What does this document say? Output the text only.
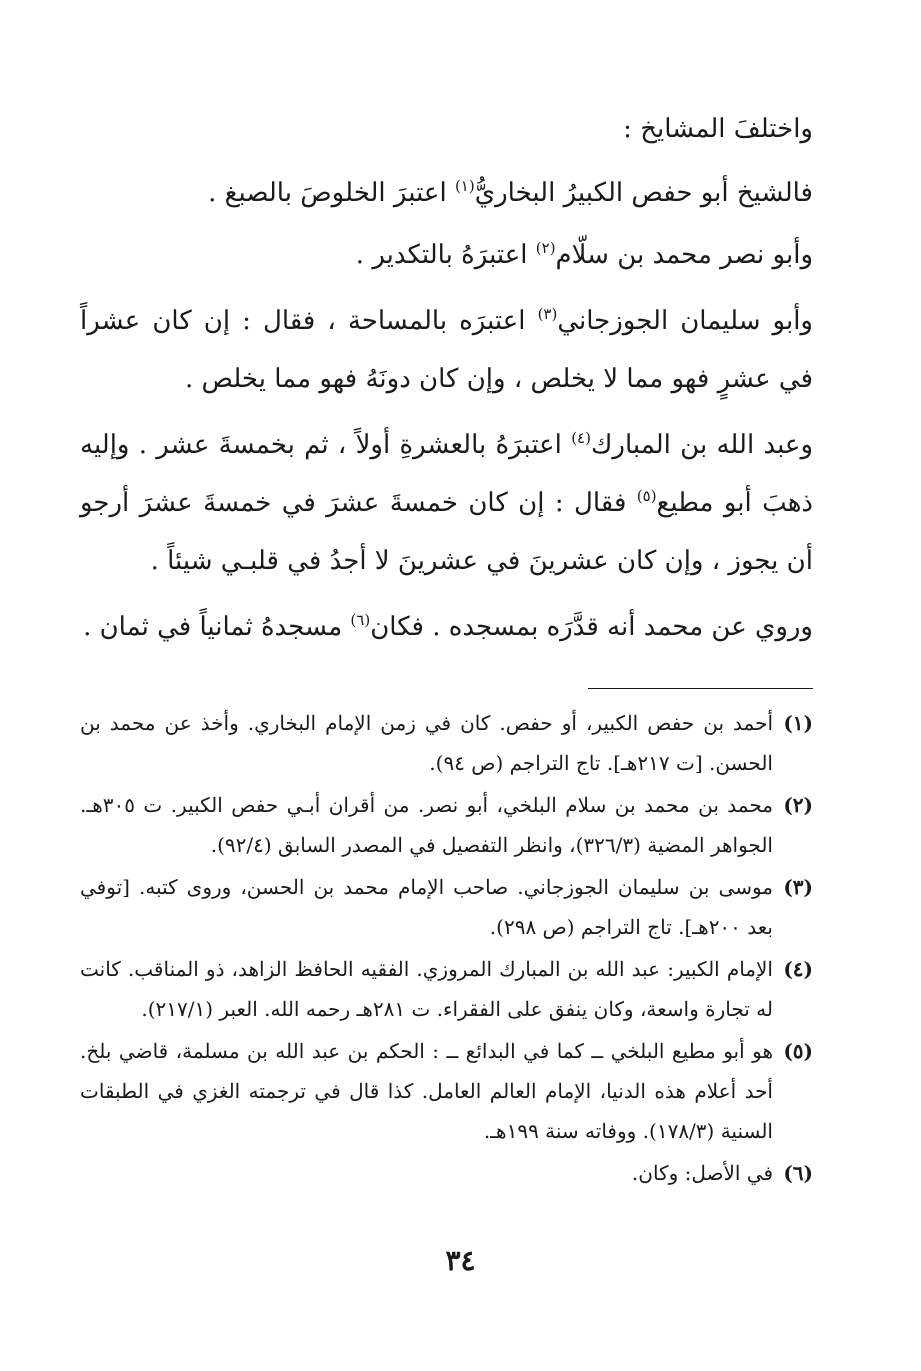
واختلفَ المشايخ :

فالشيخ أبو حفص الكبيرُ البخاريُّ$^{(١)}$ اعتبرَ الخلوصَ بالصبغ .

وأبو نصر محمد بن سلّام$^{(٢)}$ اعتبرَهُ بالتكدير .

وأبو سليمان الجوزجاني$^{(٣)}$ اعتبرَه بالمساحة ، فقال : إن كان عشراً في عشرٍ فهو مما لا يخلص ، وإن كان دونَهُ فهو مما يخلص .

وعبد الله بن المبارك$^{(٤)}$ اعتبرَهُ بالعشرةِ أولاً ، ثم بخمسةَ عشر . وإليه ذهبَ أبو مطيع$^{(٥)}$ فقال : إن كان خمسةَ عشرَ في خمسةَ عشرَ أرجو أن يجوز ، وإن كان عشرينَ في عشرينَ لا أجدُ في قلبـي شيئاً .

وروي عن محمد أنه قدَّرَه بمسجده . فكان$^{(٦)}$ مسجدهُ ثمانياً في ثمان .

(١)
أحمد بن حفص الكبير، أو حفص. كان في زمن الإمام البخاري. وأخذ عن محمد بن الحسن. [ت ٢١٧هـ]. تاج التراجم (ص ٩٤).
(٢)
محمد بن محمد بن سلام البلخي، أبو نصر. من أقران أبـي حفص الكبير. ت ٣٠٥هـ. الجواهر المضية (٣٢٦/٣)، وانظر التفصيل في المصدر السابق (٩٢/٤).
(٣)
موسى بن سليمان الجوزجاني. صاحب الإمام محمد بن الحسن، وروى كتبه. [توفي بعد ٢٠٠هـ]. تاج التراجم (ص ٢٩٨).
(٤)
الإمام الكبير: عبد الله بن المبارك المروزي. الفقيه الحافظ الزاهد، ذو المناقب. كانت له تجارة واسعة، وكان ينفق على الفقراء. ت ٢٨١هـ رحمه الله. العبر (٢١٧/١).
(٥)
هو أبو مطيع البلخي ــ كما في البدائع ــ : الحكم بن عبد الله بن مسلمة، قاضي بلخ. أحد أعلام هذه الدنيا، الإمام العالم العامل. كذا قال في ترجمته الغزي في الطبقات السنية (١٧٨/٣). ووفاته سنة ١٩٩هـ.
(٦)
في الأصل: وكان.
٣٤
